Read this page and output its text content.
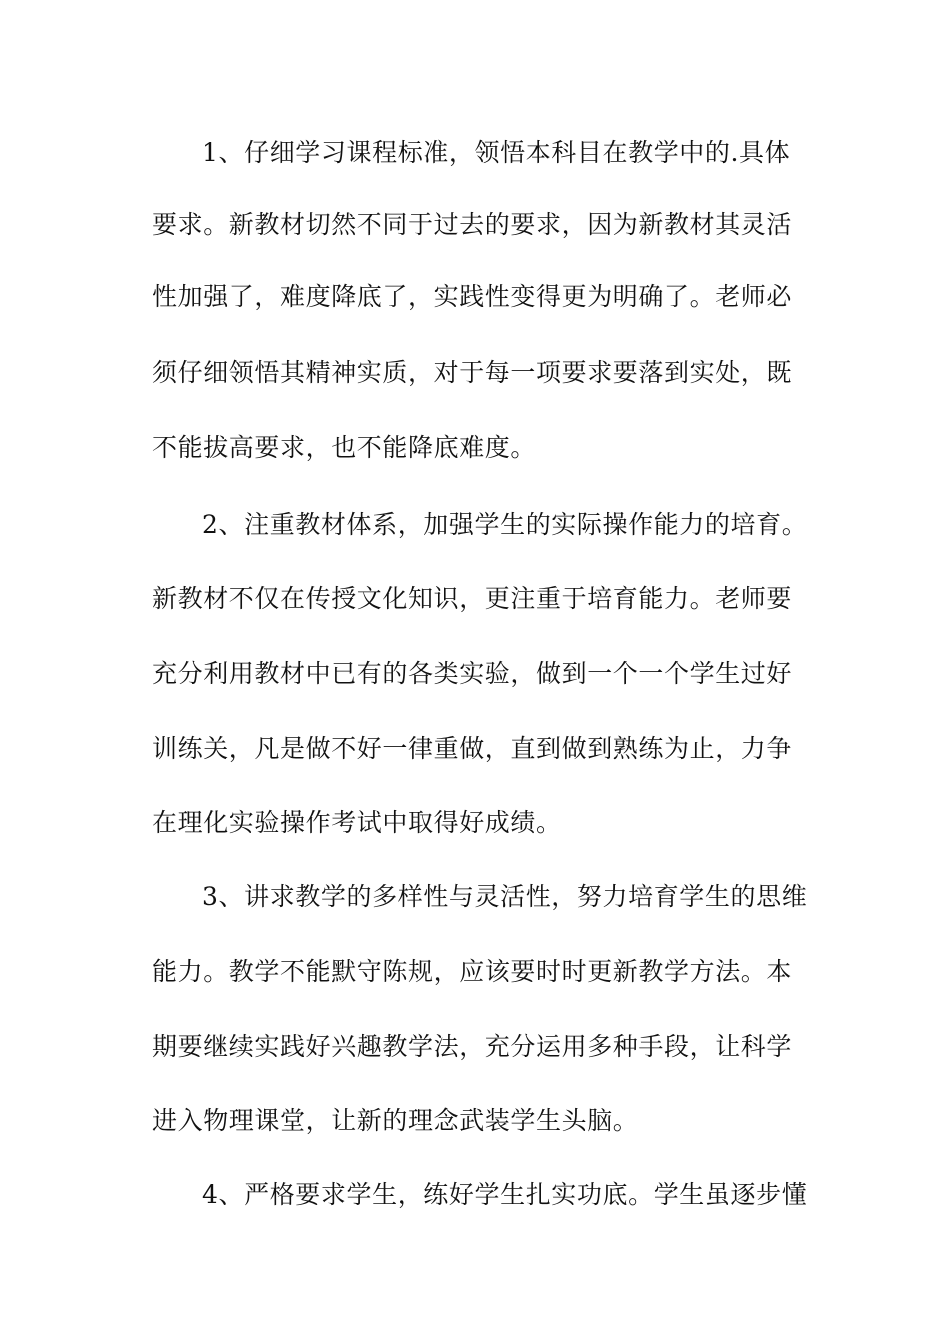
1、仔细学习课程标准，领悟本科目在教学中的.具体
要求。新教材切然不同于过去的要求，因为新教材其灵活
性加强了，难度降底了，实践性变得更为明确了。老师必
须仔细领悟其精神实质，对于每一项要求要落到实处，既
不能拔高要求，也不能降底难度。
2、注重教材体系，加强学生的实际操作能力的培育。
新教材不仅在传授文化知识，更注重于培育能力。老师要
充分利用教材中已有的各类实验，做到一个一个学生过好
训练关，凡是做不好一律重做，直到做到熟练为止，力争
在理化实验操作考试中取得好成绩。
3、讲求教学的多样性与灵活性，努力培育学生的思维
能力。教学不能默守陈规，应该要时时更新教学方法。本
期要继续实践好兴趣教学法，充分运用多种手段，让科学
进入物理课堂，让新的理念武装学生头脑。
4、严格要求学生，练好学生扎实功底。学生虽逐步懂
